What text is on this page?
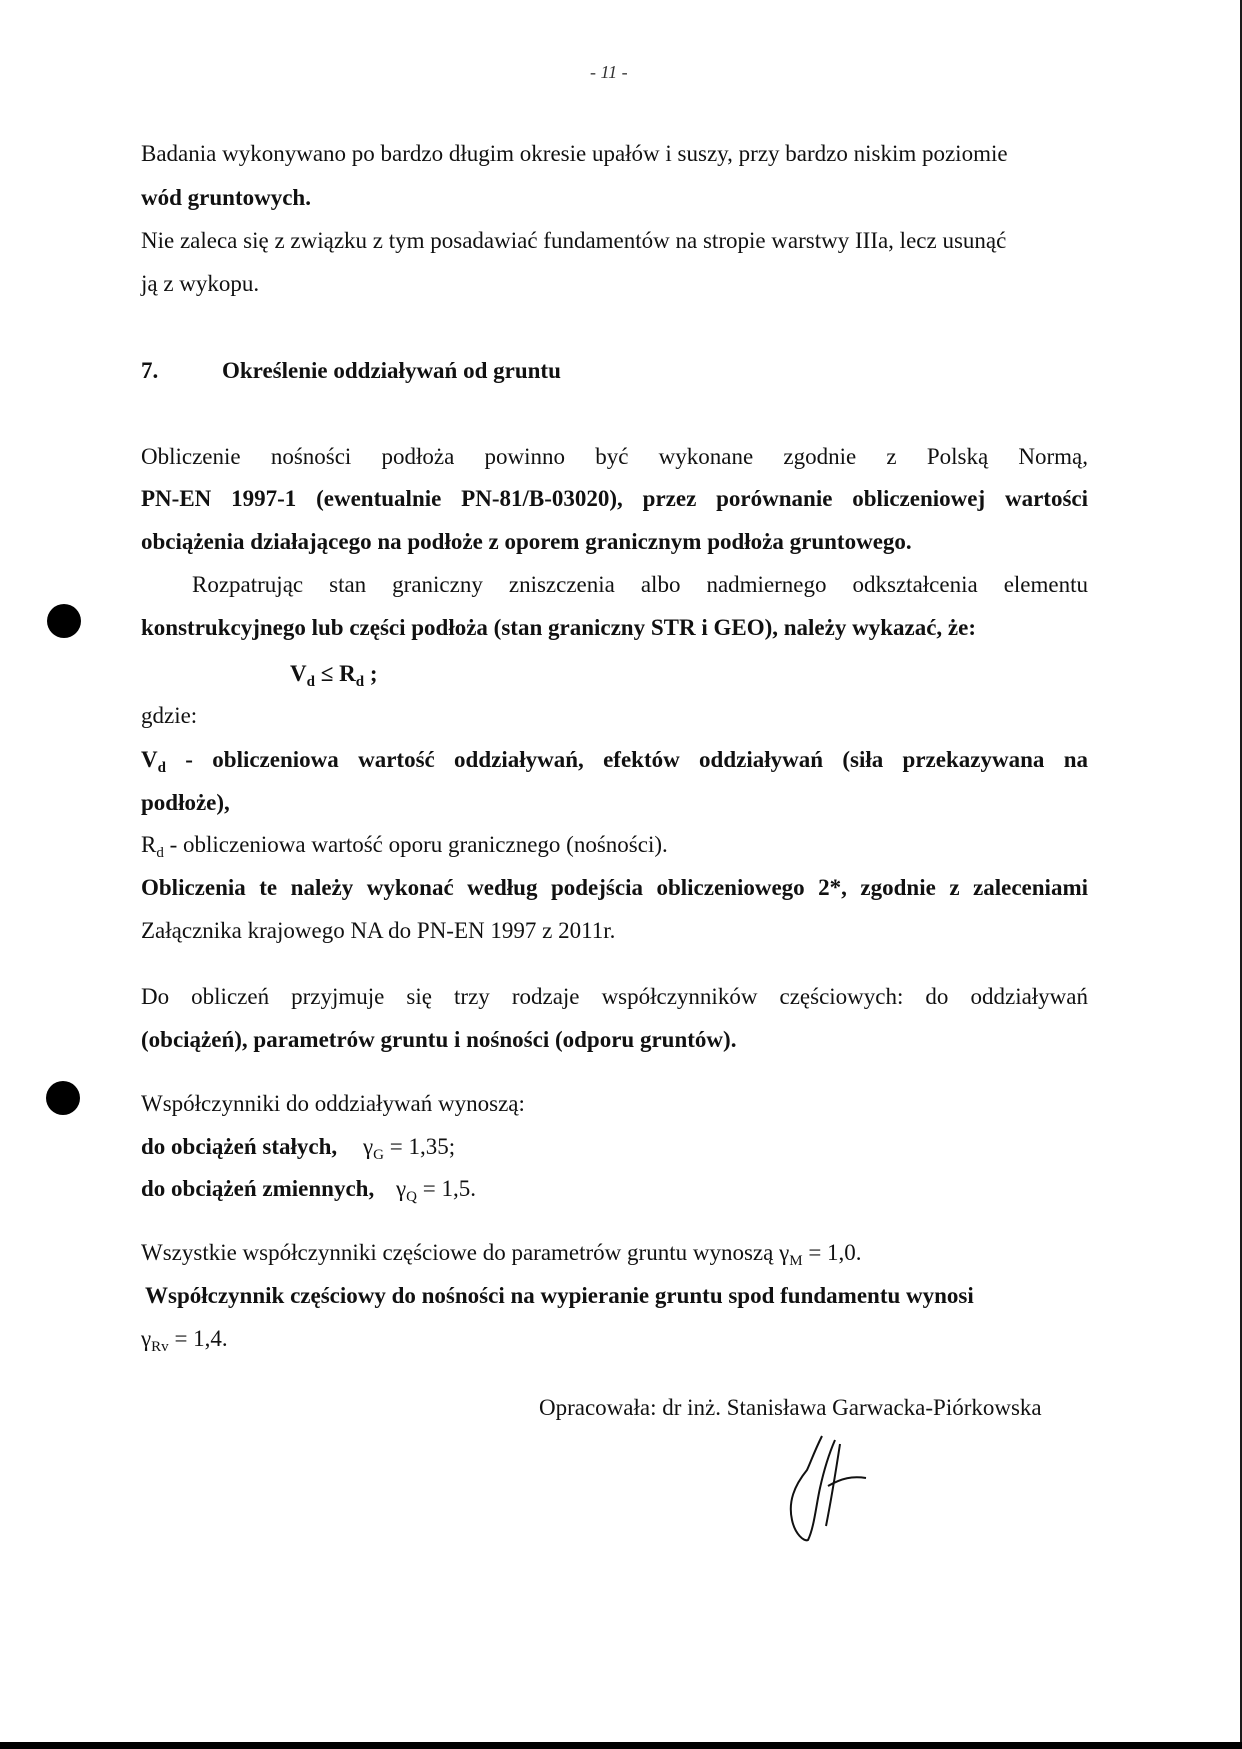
- 11 -
Badania wykonywano po bardzo długim okresie upałów i suszy, przy bardzo niskim poziomie
wód gruntowych.
Nie zaleca się z związku z tym posadawiać fundamentów na stropie warstwy IIIa, lecz usunąć
ją z wykopu.
7.	Określenie oddziaływań od gruntu
Obliczenie nośności podłoża powinno być wykonane zgodnie z Polską Normą,
PN-EN 1997-1 (ewentualnie PN-81/B-03020), przez porównanie obliczeniowej wartości
obciążenia działającego na podłoże z oporem granicznym podłoża gruntowego.
Rozpatrując stan graniczny zniszczenia albo nadmiernego odkształcenia elementu
konstrukcyjnego lub części podłoża (stan graniczny STR i GEO), należy wykazać, że:
$V_d \le R_d$ ;
gdzie:
$V_d$ - obliczeniowa wartość oddziaływań, efektów oddziaływań (siła przekazywana na
podłoże),
$R_d$ - obliczeniowa wartość oporu granicznego (nośności).
Obliczenia te należy wykonać według podejścia obliczeniowego 2*, zgodnie z zaleceniami
Załącznika krajowego NA do PN-EN 1997 z 2011r.
Do obliczeń przyjmuje się trzy rodzaje współczynników częściowych: do oddziaływań
(obciążeń), parametrów gruntu i nośności (odporu gruntów).
Współczynniki do oddziaływań wynoszą:
do obciążeń stałych, $\gamma_G = 1,35$;
do obciążeń zmiennych, $\gamma_Q = 1,5$.
Wszystkie współczynniki częściowe do parametrów gruntu wynoszą $\gamma_M = 1,0$.
Współczynnik częściowy do nośności na wypieranie gruntu spod fundamentu wynosi
$\gamma_{Rv} = 1,4$.
Opracowała: dr inż. Stanisława Garwacka-Piórkowska
